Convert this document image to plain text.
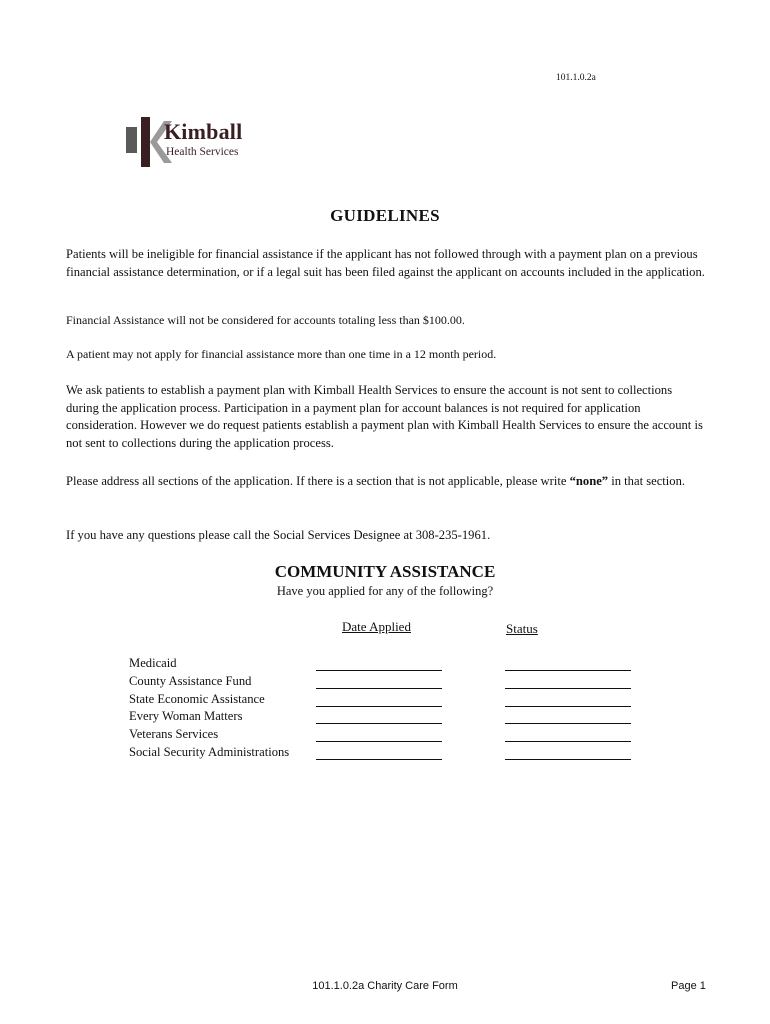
101.1.0.2a
Kimball
Health Services
GUIDELINES
Patients will be ineligible for financial assistance if the applicant has not followed through with a payment plan on a previous financial assistance determination, or if a legal suit has been filed against the applicant on accounts included in the application.
Financial Assistance will not be considered for accounts totaling less than $100.00.
A patient may not apply for financial assistance more than one time in a 12 month period.
We ask patients to establish a payment plan with Kimball Health Services to ensure the account is not sent to collections during the application process. Participation in a payment plan for account balances is not required for application consideration. However we do request patients establish a payment plan with Kimball Health Services to ensure the account is not sent to collections during the application process.
Please address all sections of the application. If there is a section that is not applicable, please write “none” in that section.
If you have any questions please call the Social Services Designee at 308-235-1961.
COMMUNITY ASSISTANCE
Have you applied for any of the following?
Date Applied	Status
Medicaid
County Assistance Fund
State Economic Assistance
Every Woman Matters
Veterans Services
Social Security Administrations
101.1.0.2a Charity Care Form	Page 1
